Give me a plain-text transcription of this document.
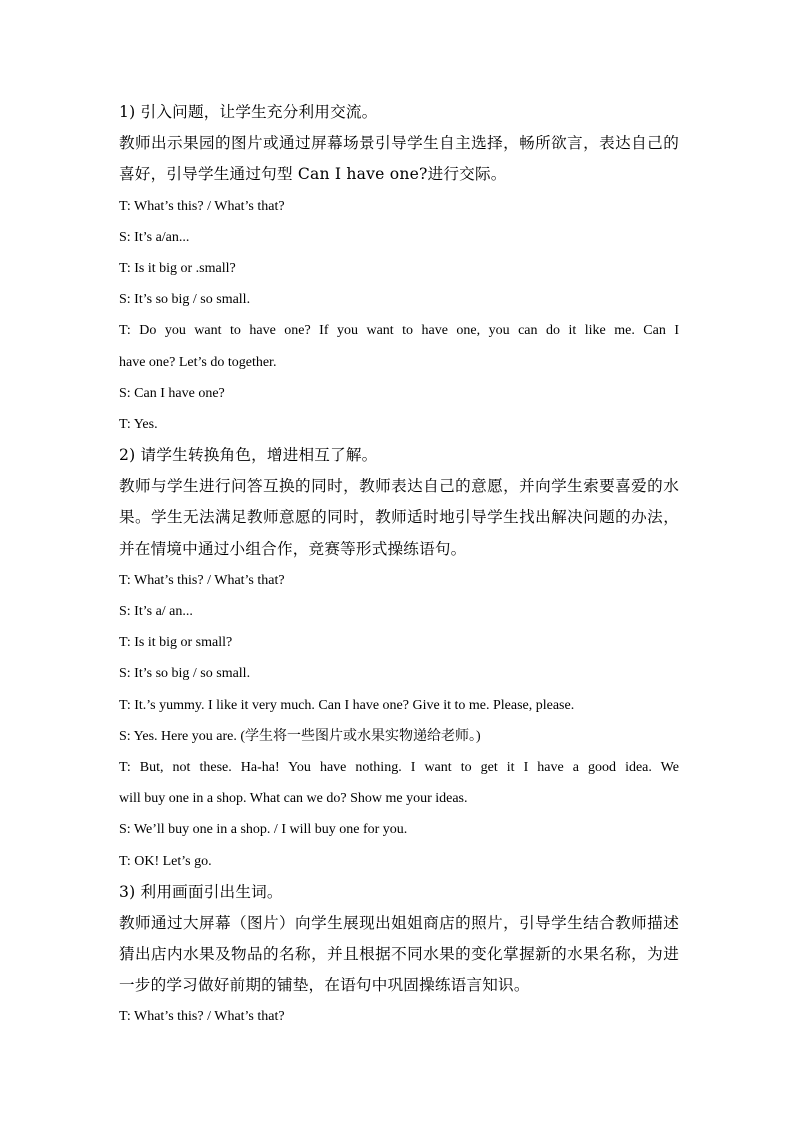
1) 引入问题，让学生充分利用交流。
教师出示果园的图片或通过屏幕场景引导学生自主选择，畅所欲言，表达自己的
喜好，引导学生通过句型 Can I have one?进行交际。
T: What’s this? / What’s that?
S: It’s a/an...
T: Is it big or .small?
S: It’s so big / so small.
T: Do you want to have one? If you want to have one, you can do it like me. Can I
have one? Let’s do together.
S: Can I have one?
T: Yes.
2) 请学生转换角色，增进相互了解。
教师与学生进行问答互换的同时，教师表达自己的意愿，并向学生索要喜爱的水
果。学生无法满足教师意愿的同时，教师适时地引导学生找出解决问题的办法，
并在情境中通过小组合作，竞赛等形式操练语句。
T: What’s this? / What’s that?
S: It’s a/ an...
T: Is it big or small?
S: It’s so big / so small.
T: It.’s yummy. I like it very much. Can I have one? Give it to me. Please, please.
S: Yes. Here you are. (学生将一些图片或水果实物递给老师。)
T: But, not these. Ha-ha! You have nothing. I want to get it I have a good idea. We
will buy one in a shop. What can we do? Show me your ideas.
S: We’ll buy one in a shop. / I will buy one for you.
T: OK! Let’s go.
3) 利用画面引出生词。
教师通过大屏幕（图片）向学生展现出姐姐商店的照片，引导学生结合教师描述
猜出店内水果及物品的名称，并且根据不同水果的变化掌握新的水果名称，为进
一步的学习做好前期的铺垫，在语句中巩固操练语言知识。
T: What’s this? / What’s that?
